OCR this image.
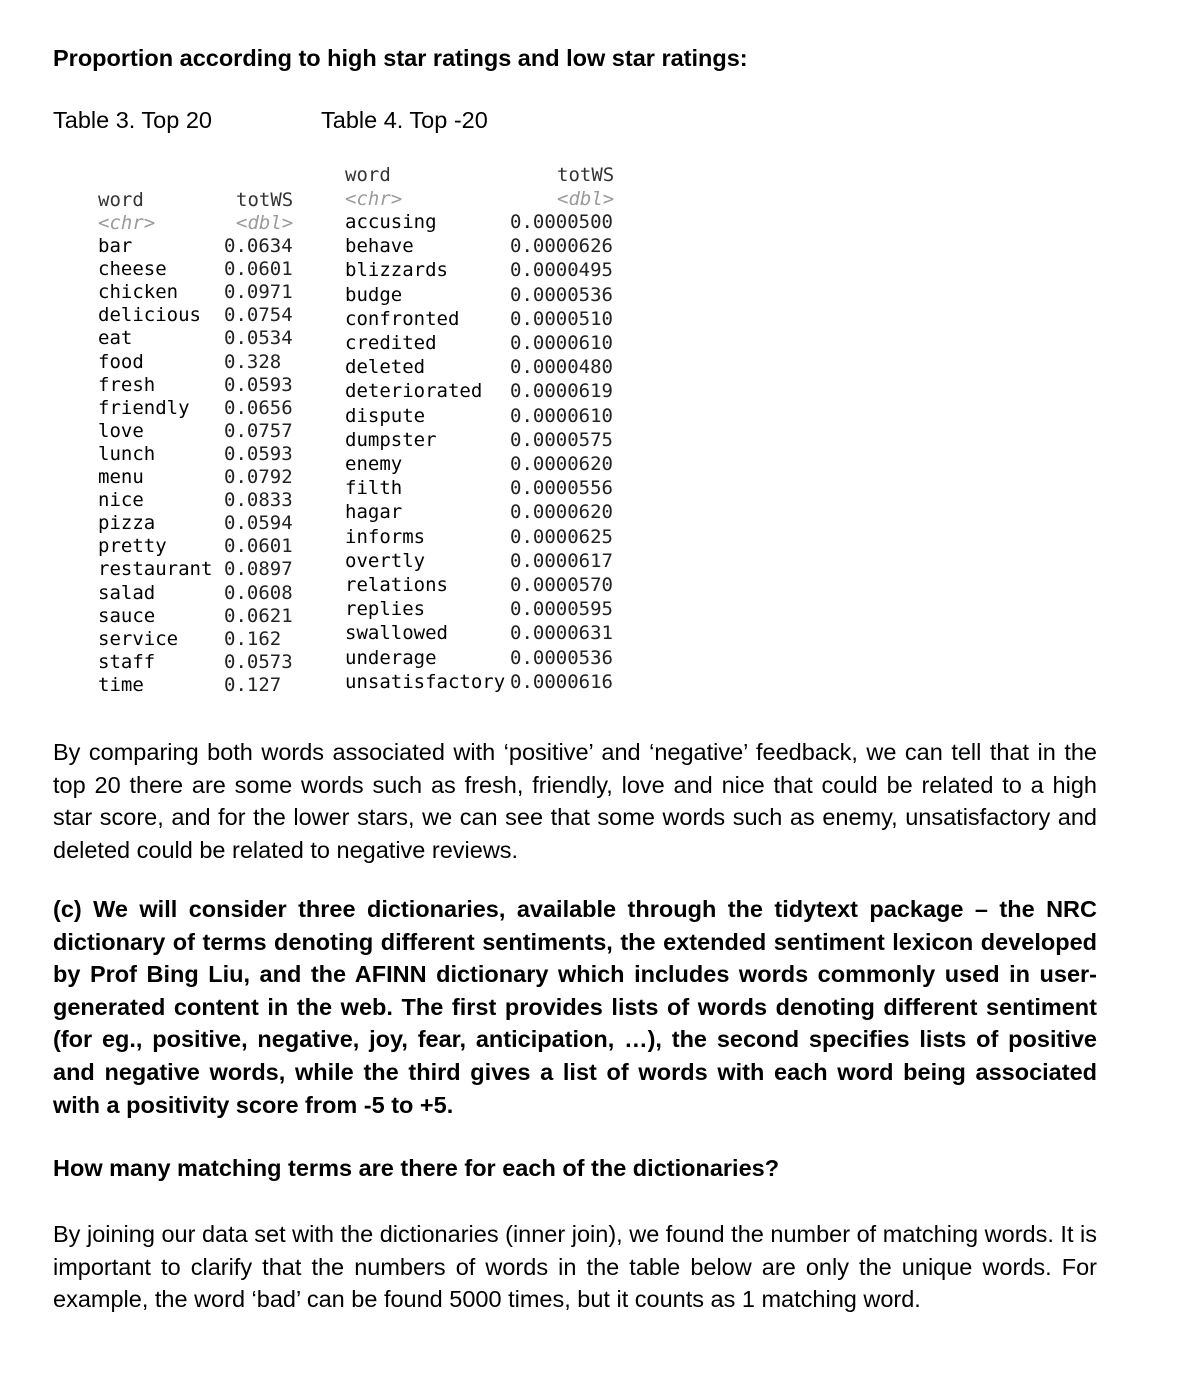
Proportion according to high star ratings and low star ratings:
Table 3. Top 20	Table 4. Top -20
word	totWS
<chr>	<dbl>
bar	0.0634
cheese	0.0601
chicken 0.0971
delicious 0.0754
eat	0.0534
food	0.328
fresh	0.0593
friendly 0.0656
love	0.0757
lunch	0.0593
menu	0.0792
nice	0.0833
pizza	0.0594
pretty	0.0601
restaurant 0.0897
salad	0.0608
sauce	0.0621
service 0.162
staff	0.0573
time	0.127
word	totWS
<chr>	<dbl>
accusing	0.0000500
behave	0.0000626
blizzards	0.0000495
budge	0.0000536
confronted	0.0000510
credited	0.0000610
deleted	0.0000480
deteriorated 0.0000619
dispute	0.0000610
dumpster	0.0000575
enemy	0.0000620
filth	0.0000556
hagar	0.0000620
informs	0.0000625
overtly	0.0000617
relations	0.0000570
replies	0.0000595
swallowed	0.0000631
underage	0.0000536
unsatisfactory 0.0000616

By comparing both words associated with ‘positive’ and ‘negative’ feedback, we can tell that in the top 20 there are some words such as fresh, friendly, love and nice that could be related to a high star score, and for the lower stars, we can see that some words such as enemy, unsatisfactory and deleted could be related to negative reviews.

(c) We will consider three dictionaries, available through the tidytext package – the NRC dictionary of terms denoting different sentiments, the extended sentiment lexicon developed by Prof Bing Liu, and the AFINN dictionary which includes words commonly used in user-generated content in the web. The first provides lists of words denoting different sentiment (for eg., positive, negative, joy, fear, anticipation, …), the second specifies lists of positive and negative words, while the third gives a list of words with each word being associated with a positivity score from -5 to +5.

How many matching terms are there for each of the dictionaries?

By joining our data set with the dictionaries (inner join), we found the number of matching words. It is important to clarify that the numbers of words in the table below are only the unique words. For example, the word ‘bad’ can be found 5000 times, but it counts as 1 matching word.
